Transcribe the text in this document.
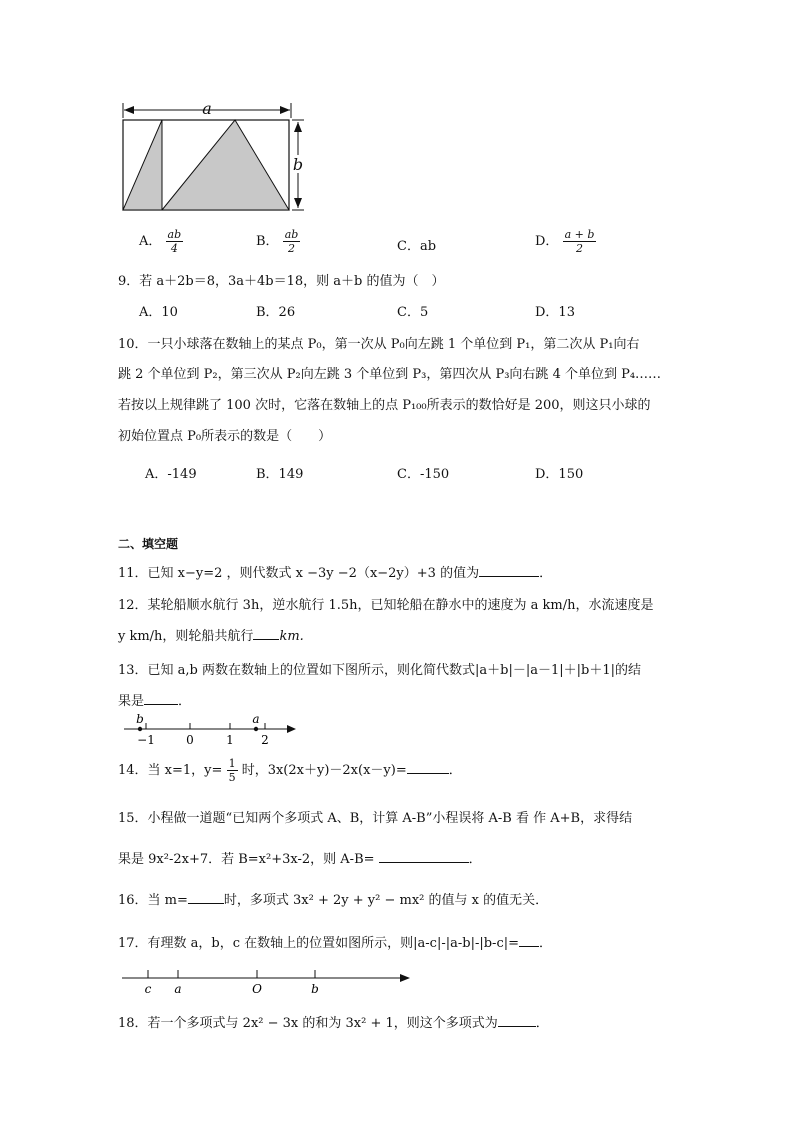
a
b
A． $\frac{ab}{4}$	B． $\frac{ab}{2}$	C．ab	D． $\frac{a + b}{2}$
9．若 a＋2b＝8，3a＋4b＝18，则 a＋b 的值为（　）
A．10	B．26	C．5	D．13
10．一只小球落在数轴上的某点 P₀，第一次从 P₀向左跳 1 个单位到 P₁，第二次从 P₁向右
跳 2 个单位到 P₂，第三次从 P₂向左跳 3 个单位到 P₃，第四次从 P₃向右跳 4 个单位到 P₄……
若按以上规律跳了 100 次时，它落在数轴上的点 P₁₀₀所表示的数恰好是 200，则这只小球的
初始位置点 P₀所表示的数是（　　）
A．-149	B．149	C．-150	D．150
二、填空题
11．已知 x−y=2 ，则代数式 x −3y −2（x−2y）+3 的值为	．
12．某轮船顺水航行 3h，逆水航行 1.5h，已知轮船在静水中的速度为 a km/h，水流速度是
y km/h，则轮船共航行 km.
13．已知 a,b 两数在数轴上的位置如下图所示，则化简代数式|a＋b|－|a－1|＋|b＋1|的结
果是	．
b	a
−1	0	1 2
14．当 x=1，$y= \frac{1}{5}$ 时，3x(2x＋y)－2x(x－y)=	．
15．小程做一道题“已知两个多项式 A、B，计算 A-B”小程误将 A-B 看 作 A+B，求得结
果是 9x²-2x+7．若 B=x²+3x-2，则 A-B=	．
16．当 m=	时，多项式 3x² + 2y + y² − mx² 的值与 x 的值无关．
17．有理数 a，b，c 在数轴上的位置如图所示，则|a-c|-|a-b|-|b-c|= ．
c a	O	b
18．若一个多项式与 2x² − 3x 的和为 3x² + 1，则这个多项式为	．
